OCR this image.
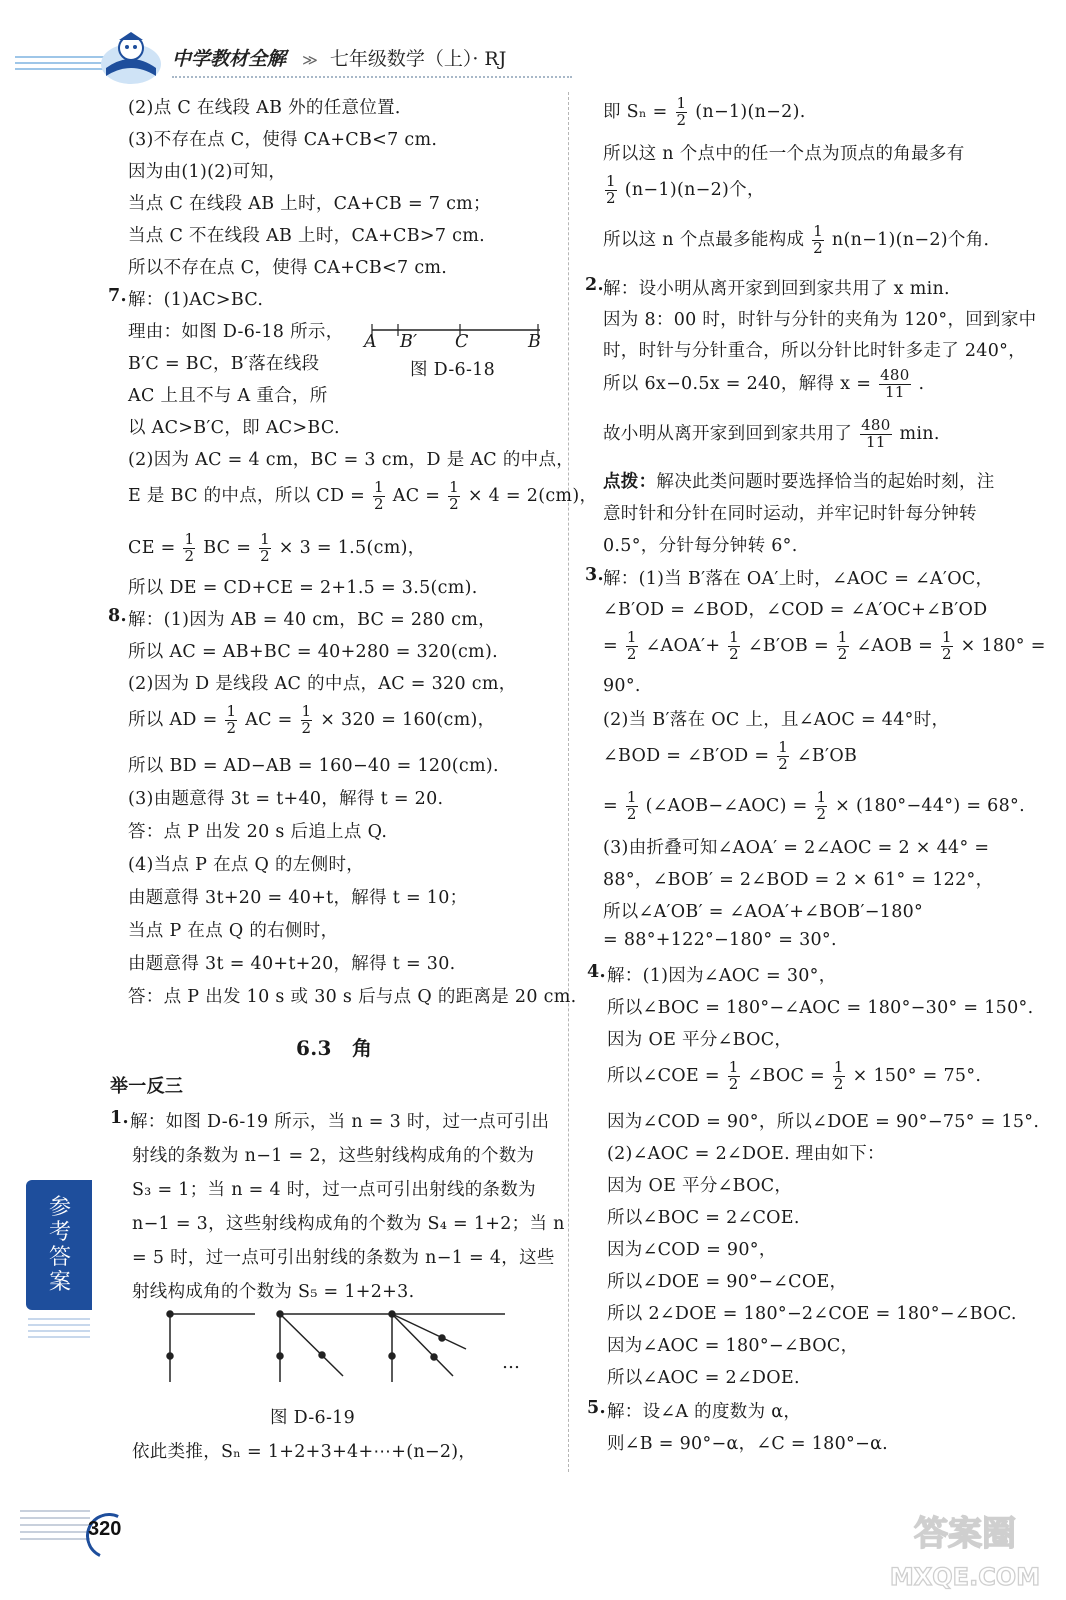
中学教材全解 ≫ 七年级数学（上）· RJ
(2)点 C 在线段 AB 外的任意位置．
(3)不存在点 C，使得 CA+CB<7 cm.
因为由(1)(2)可知，
当点 C 在线段 AB 上时，CA+CB = 7 cm；
当点 C 不在线段 AB 上时，CA+CB>7 cm.
所以不存在点 C，使得 CA+CB<7 cm.
7. 解：(1)AC>BC.
理由：如图 D-6-18 所示，
B′C = BC，B′落在线段
AC 上且不与 A 重合，所
以 AC>B′C，即 AC>BC.
A B′ C	B
图 D-6-18
(2)因为 AC = 4 cm，BC = 3 cm，D 是 AC 的中点，
E 是 BC 的中点，所以 CD = $\frac{1}{2}$ AC = $\frac{1}{2} \times 4 = 2(cm)$，
CE = $\frac{1}{2}$ BC = $\frac{1}{2} \times 3 = 1.5(cm)$，
所以 DE = CD+CE = 2+1.5 = 3.5(cm).
8. 解：(1)因为 AB = 40 cm，BC = 280 cm，
所以 AC = AB+BC = 40+280 = 320(cm).
(2)因为 D 是线段 AC 的中点，AC = 320 cm，
所以 AD = $\frac{1}{2}$ AC = $\frac{1}{2} \times 320 = 160(cm)$，
所以 BD = AD−AB = 160−40 = 120(cm).
(3)由题意得 3t = t+40，解得 t = 20.
答：点 P 出发 20 s 后追上点 Q.
(4)当点 P 在点 Q 的左侧时，
由题意得 3t+20 = 40+t，解得 t = 10；
当点 P 在点 Q 的右侧时，
由题意得 3t = 40+t+20，解得 t = 30.
答：点 P 出发 10 s 或 30 s 后与点 Q 的距离是 20 cm.
6.3　角
举一反三
1. 解：如图 D-6-19 所示，当 n = 3 时，过一点可引出
射线的条数为 n−1 = 2，这些射线构成角的个数为
S₃ = 1；当 n = 4 时，过一点可引出射线的条数为
n−1 = 3，这些射线构成角的个数为 S₄ = 1+2；当 n
= 5 时，过一点可引出射线的条数为 n−1 = 4，这些
射线构成角的个数为 S₅ = 1+2+3.
…
图 D-6-19
依此类推，Sₙ = 1+2+3+4+⋯+(n−2)，
即 $S_n = \frac{1}{2} (n-1)(n-2)$.
所以这 n 个点中的任一个点为顶点的角最多有
$\frac{1}{2} (n-1)(n-2)$个，
所以这 n 个点最多能构成 $\frac{1}{2} n(n-1)(n-2)$个角．
2. 解：设小明从离开家到回到家共用了 x min.
因为 8：00 时，时针与分针的夹角为 120°，回到家中
时，时针与分针重合，所以分针比时针多走了 240°，
所以 6x−0.5x = 240，解得 $x = \frac{480}{11}$ .
故小明从离开家到回到家共用了 $\frac{480}{11} \min$.
点拨：解决此类问题时要选择恰当的起始时刻，注
意时针和分针在同时运动，并牢记时针每分钟转
0.5°，分针每分钟转 6°.
3. 解：(1)当 B′落在 OA′上时，∠AOC = ∠A′OC，
∠B′OD = ∠BOD，∠COD = ∠A′OC+∠B′OD
= $\frac{1}{2}$ ∠AOA′+ $\frac{1}{2}$ ∠B′OB = $\frac{1}{2}$ ∠AOB = $\frac{1}{2} \times 180^\circ$ =
90°.
(2)当 B′落在 OC 上，且∠AOC = 44°时，
∠BOD = ∠B′OD = $\frac{1}{2}$ ∠B′OB
= $\frac{1}{2}$ (∠AOB−∠AOC) = $\frac{1}{2} \times (180^\circ-44^\circ) = 68^\circ$.
(3)由折叠可知∠AOA′ = 2∠AOC = 2 × 44° =
88°，∠BOB′ = 2∠BOD = 2 × 61° = 122°，
所以∠A′OB′ = ∠AOA′+∠BOB′−180°
= 88°+122°−180° = 30°.
4. 解：(1)因为∠AOC = 30°，
所以∠BOC = 180°−∠AOC = 180°−30° = 150°.
因为 OE 平分∠BOC，
所以∠COE = $\frac{1}{2}$ ∠BOC = $\frac{1}{2} \times 150^\circ = 75^\circ$.
因为∠COD = 90°，所以∠DOE = 90°−75° = 15°.
(2)∠AOC = 2∠DOE. 理由如下：
因为 OE 平分∠BOC，
所以∠BOC = 2∠COE.
因为∠COD = 90°，
所以∠DOE = 90°−∠COE，
所以 2∠DOE = 180°−2∠COE = 180°−∠BOC.
因为∠AOC = 180°−∠BOC，
所以∠AOC = 2∠DOE.
5. 解：设∠A 的度数为 α，
则∠B = 90°−α，∠C = 180°−α.
参考答案
320	答案圈
MXQE.COM
